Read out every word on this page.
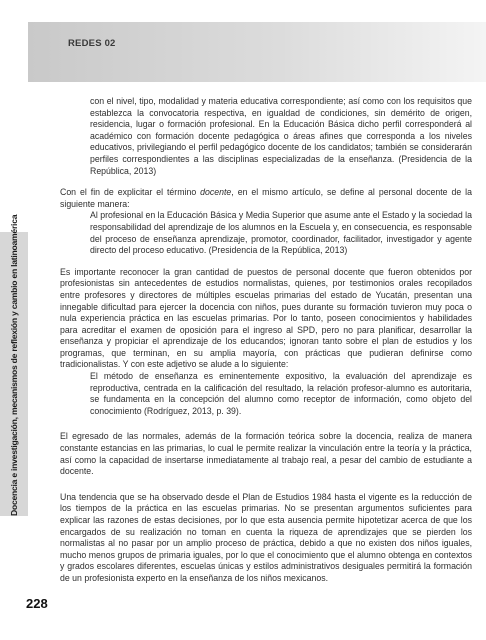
REDES 02
Docencia e investigación, mecanismos de reflexión y cambio en latinoamérica
228

con el nivel, tipo, modalidad y materia educativa correspondiente; así como con los requisitos que establezca la convocatoria respectiva, en igualdad de condiciones, sin demérito de origen, residencia, lugar o formación profesional. En la Educación Básica dicho perfil corresponderá al académico con formación docente pedagógica o áreas afines que corresponda a los niveles educativos, privilegiando el perfil pedagógico docente de los candidatos; también se considerarán perfiles correspondientes a las disciplinas especializadas de la enseñanza. (Presidencia de la República, 2013)

Con el fin de explicitar el término docente, en el mismo artículo, se define al personal docente de la siguiente manera:

Al profesional en la Educación Básica y Media Superior que asume ante el Estado y la sociedad la responsabilidad del aprendizaje de los alumnos en la Escuela y, en consecuencia, es responsable del proceso de enseñanza aprendizaje, promotor, coordinador, facilitador, investigador y agente directo del proceso educativo. (Presidencia de la República, 2013)

Es importante reconocer la gran cantidad de puestos de personal docente que fueron obtenidos por profesionistas sin antecedentes de estudios normalistas, quienes, por testimonios orales recopilados entre profesores y directores de múltiples escuelas primarias del estado de Yucatán, presentan una innegable dificultad para ejercer la docencia con niños, pues durante su formación tuvieron muy poca o nula experiencia práctica en las escuelas primarias. Por lo tanto, poseen conocimientos y habilidades para acreditar el examen de oposición para el ingreso al SPD, pero no para planificar, desarrollar la enseñanza y propiciar el aprendizaje de los educandos; ignoran tanto sobre el plan de estudios y los programas, que terminan, en su amplia mayoría, con prácticas que pudieran definirse como tradicionalistas. Y con este adjetivo se alude a lo siguiente:

El método de enseñanza es eminentemente expositivo, la evaluación del aprendizaje es reproductiva, centrada en la calificación del resultado, la relación profesor-alumno es autoritaria, se fundamenta en la concepción del alumno como receptor de información, como objeto del conocimiento (Rodríguez, 2013, p. 39).

El egresado de las normales, además de la formación teórica sobre la docencia, realiza de manera constante estancias en las primarias, lo cual le permite realizar la vinculación entre la teoría y la práctica, así como la capacidad de insertarse inmediatamente al trabajo real, a pesar del cambio de estudiante a docente.

Una tendencia que se ha observado desde el Plan de Estudios 1984 hasta el vigente es la reducción de los tiempos de la práctica en las escuelas primarias. No se presentan argumentos suficientes para explicar las razones de estas decisiones, por lo que esta ausencia permite hipotetizar acerca de que los encargados de su realización no toman en cuenta la riqueza de aprendizajes que se pierden los normalistas al no pasar por un amplio proceso de práctica, debido a que no existen dos niños iguales, mucho menos grupos de primaria iguales, por lo que el conocimiento que el alumno obtenga en contextos y grados escolares diferentes, escuelas únicas y estilos administrativos desiguales permitirá la formación de un profesionista experto en la enseñanza de los niños mexicanos.
